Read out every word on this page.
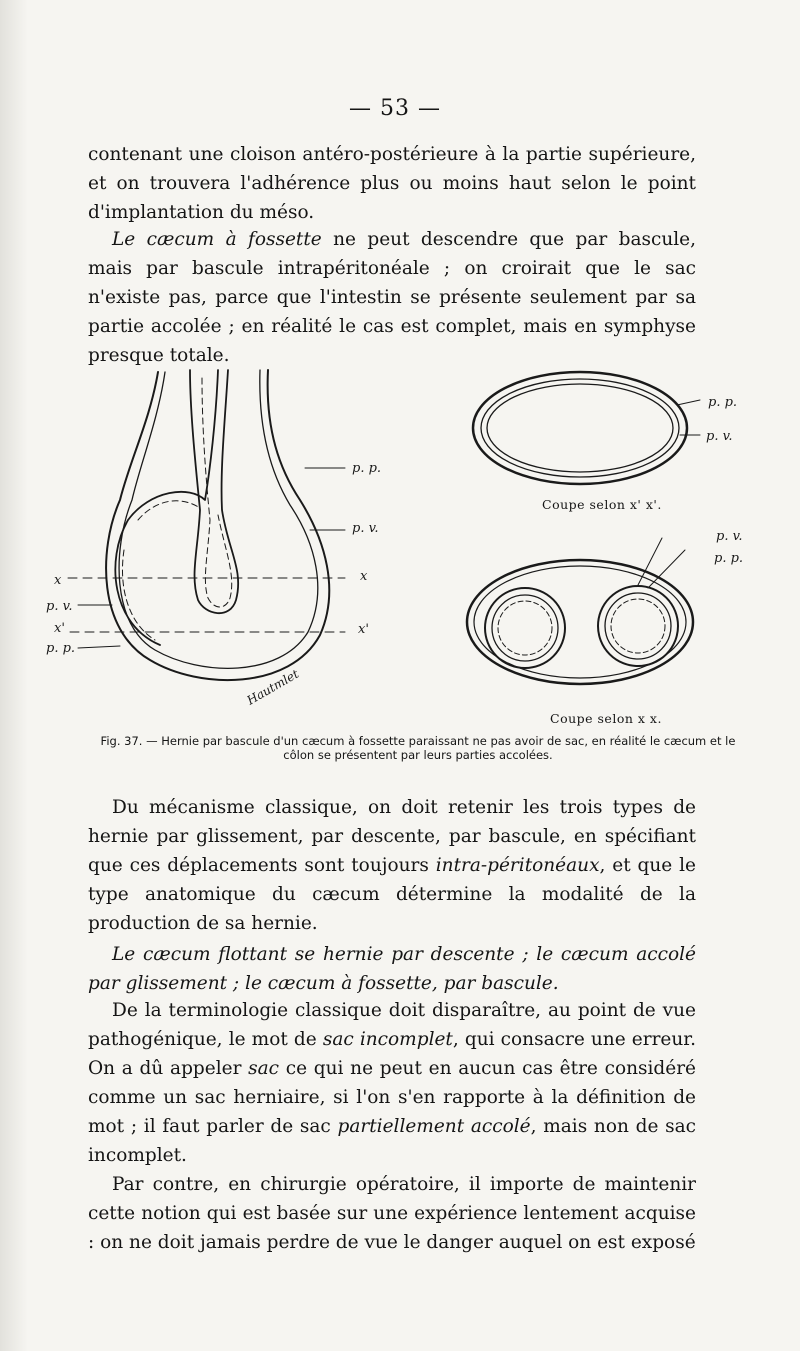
— 53 —

contenant une cloison antéro-postérieure à la partie supérieure, et on trouvera l'adhérence plus ou moins haut selon le point d'implantation du méso.

Le cæcum à fossette ne peut descendre que par bascule, mais par bascule intrapéritonéale ; on croirait que le sac n'existe pas, parce que l'intestin se présente seulement par sa partie accolée ; en réalité le cas est complet, mais en symphyse presque totale.

p. p.
p. v.
x
x'
x
p. v.
x'
p. p.
p. p.
p. v.
p. v.
p. p.
Hautmlet
Coupe selon x' x'.
Coupe selon x x.
Fig. 37. — Hernie par bascule d'un cæcum à fossette paraissant ne pas avoir de sac, en réalité le cæcum et le côlon se présentent par leurs parties accolées.

Du mécanisme classique, on doit retenir les trois types de hernie par glissement, par descente, par bascule, en spécifiant que ces déplacements sont toujours intra-péritonéaux, et que le type anatomique du cæcum détermine la modalité de la production de sa hernie.

Le cæcum flottant se hernie par descente ; le cæcum accolé par glissement ; le cæcum à fossette, par bascule.

De la terminologie classique doit disparaître, au point de vue pathogénique, le mot de sac incomplet, qui consacre une erreur. On a dû appeler sac ce qui ne peut en aucun cas être considéré comme un sac herniaire, si l'on s'en rapporte à la définition de mot ; il faut parler de sac partiellement accolé, mais non de sac incomplet.

Par contre, en chirurgie opératoire, il importe de maintenir cette notion qui est basée sur une expérience lentement acquise : on ne doit jamais perdre de vue le danger auquel on est exposé
